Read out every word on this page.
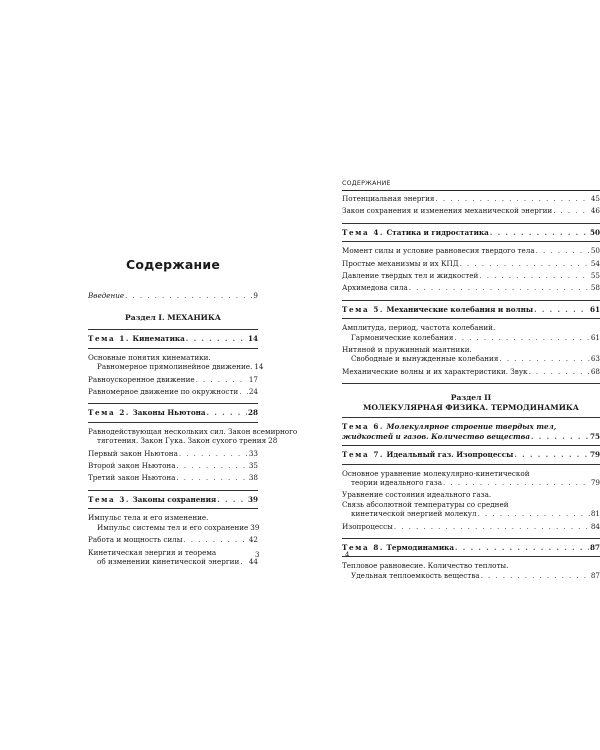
Содержание
Введение . . .	9
Раздел I. МЕХАНИКА
Тема 1.
Кинематика . . .	14
Основные понятия кинематики.
Равномерное прямолинейное движение. 14
Равноускоренное движение . . .	17
Равномерное движение по окружности . . . 24
Тема 2.
Законы Ньютона . . .	28
Равнодействующая нескольких сил. Закон всемирного
тяготения. Закон Гука. Закон сухого трения 28
Первый закон Ньютона . . .	33
Второй закон Ньютона . . .	35
Третий закон Ньютона . . .	38
Тема 3.
Законы сохранения . . .	39
Импульс тела и его изменение.
Импульс системы тел и его сохранение 39
Работа и мощность силы . . .	42
Кинетическая энергия и теорема
об изменении кинетической энергии . . . 44
3
СОДЕРЖАНИЕ
Потенциальная энергия . . .	45
Закон сохранения и изменения механической энергии . . .	46
Тема 4.
Статика и гидростатика . . .	50
Момент силы и условие равновесия твердого тела . . .	50
Простые механизмы и их КПД . . .	54
Давление твердых тел и жидкостей . . .	55
Архимедова сила . . .	58
Тема 5.
Механические колебания и волны . . .	61
Амплитуда, период, частота колебаний.
Гармонические колебания . . .	61
Нитяной и пружинный маятники.
Свободные и вынужденные колебания . . .	63
Механические волны и их характеристики. Звук . . .	68
Раздел II
МОЛЕКУЛЯРНАЯ ФИЗИКА. ТЕРМОДИНАМИКА
Тема 6. Молекулярное строение твердых тел,
жидкостей и газов. Количество вещества . . .	75
Тема 7.
Идеальный газ. Изопроцессы . . .	79
Основное уравнение молекулярно-кинетической
теории идеального газа . . .	79
Уравнение состояния идеального газа.
Связь абсолютной температуры со средней
кинетической энергией молекул . . .	81
Изопроцессы . . .	84
Тема 8.
Термодинамика . . .	87
Тепловое равновесие. Количество теплоты.
Удельная теплоемкость вещества . . .	87
4
